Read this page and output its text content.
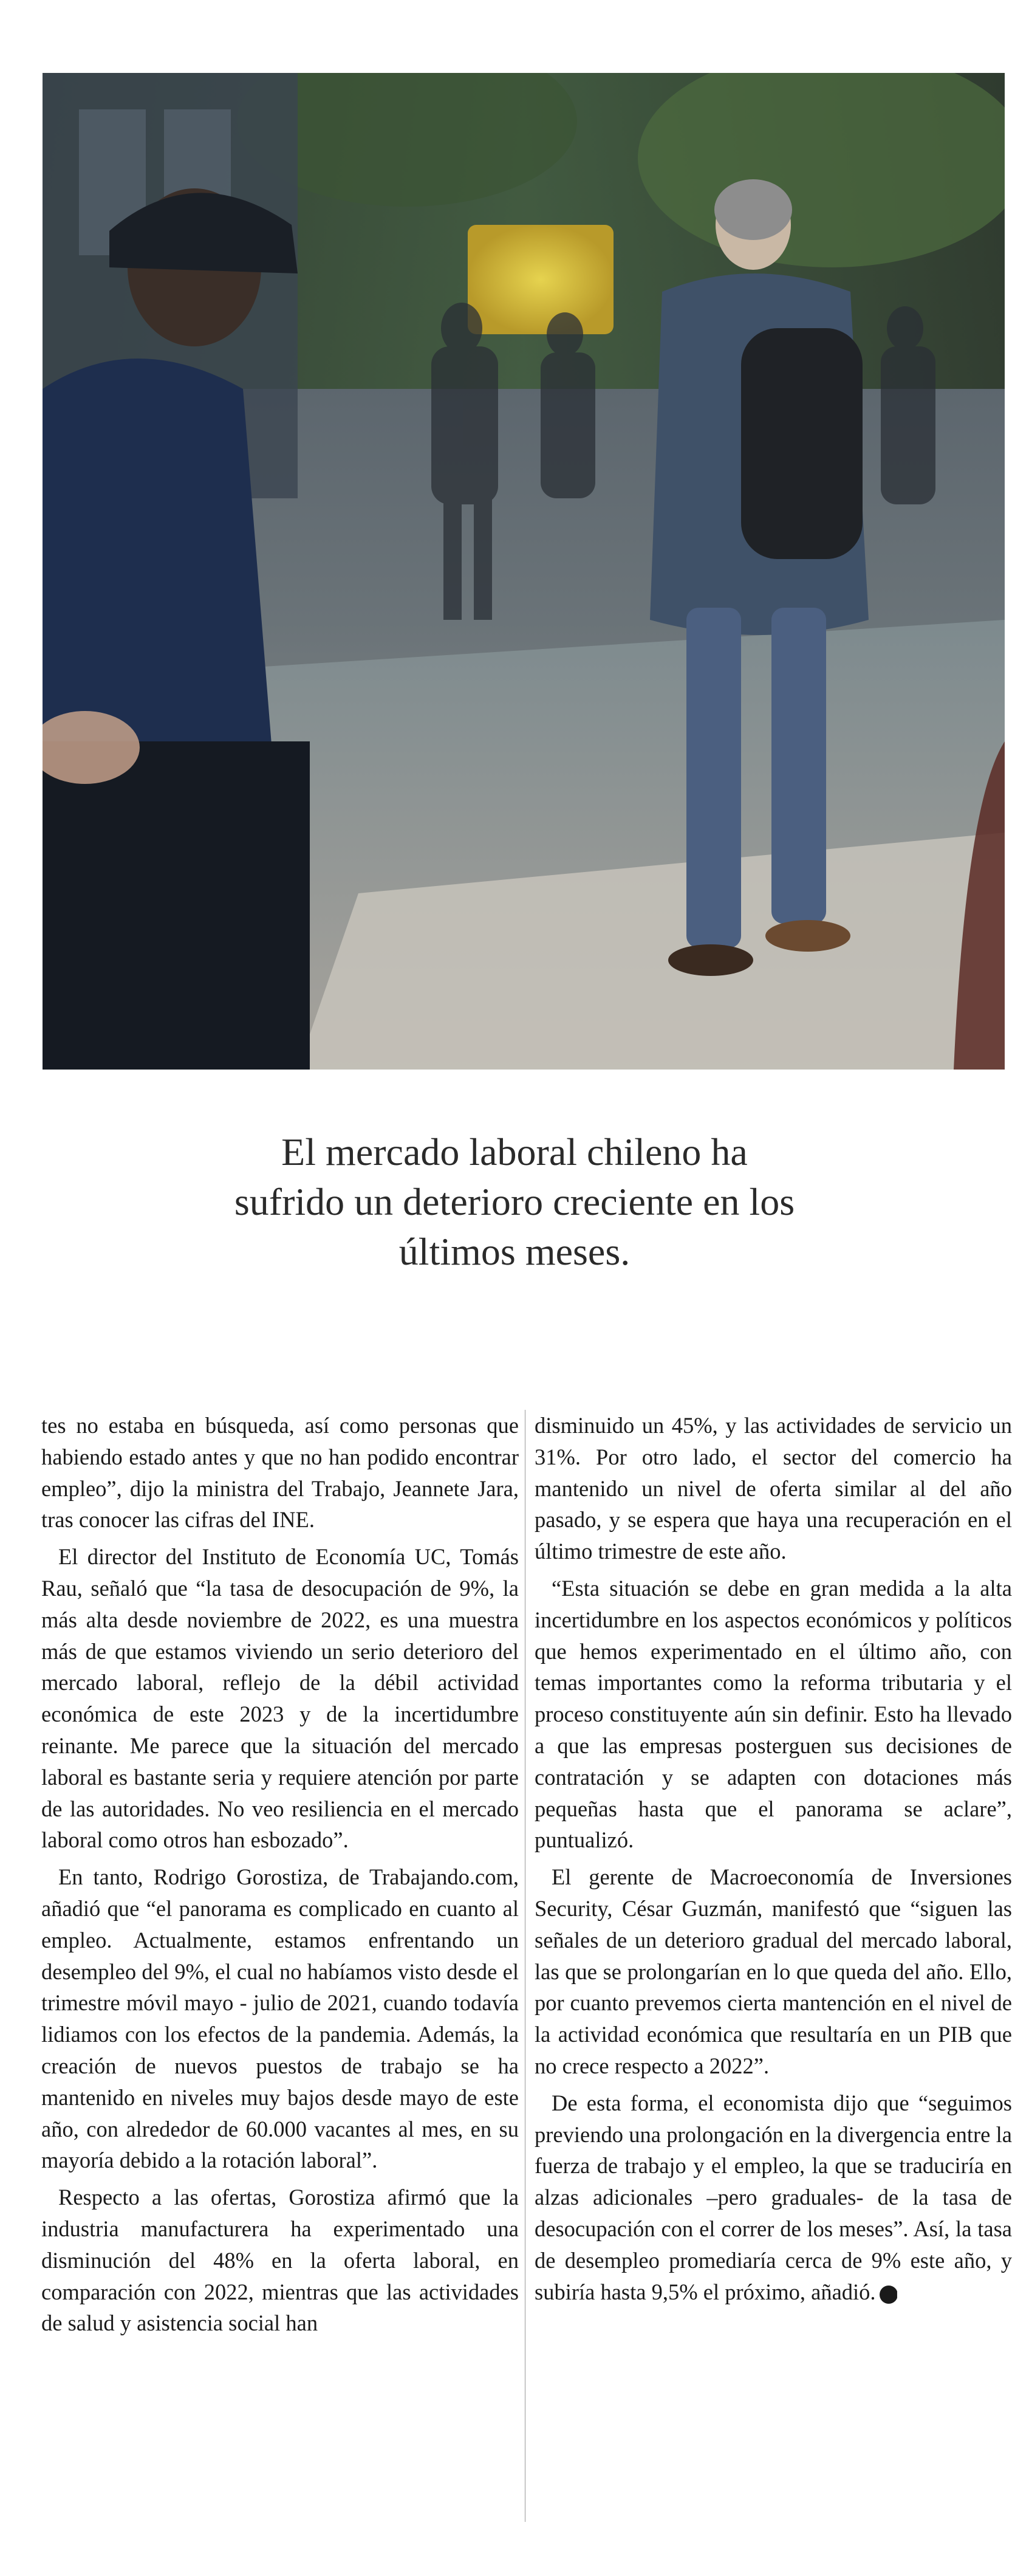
El mercado laboral chileno ha
sufrido un deterioro creciente en los
últimos meses.

tes no estaba en búsqueda, así como personas que habiendo estado antes y que no han podido encontrar empleo”, dijo la ministra del Trabajo, Jeannete Jara, tras conocer las cifras del INE.

El director del Instituto de Economía UC, Tomás Rau, señaló que “la tasa de desocupación de 9%, la más alta desde noviembre de 2022, es una muestra más de que estamos viviendo un serio deterioro del mercado laboral, reflejo de la débil actividad económica de este 2023 y de la incertidumbre reinante. Me parece que la situación del mercado laboral es bastante seria y requiere atención por parte de las autoridades. No veo resiliencia en el mercado laboral como otros han esbozado”.

En tanto, Rodrigo Gorostiza, de Trabajando.com, añadió que “el panorama es complicado en cuanto al empleo. Actualmente, estamos enfrentando un desempleo del 9%, el cual no habíamos visto desde el trimestre móvil mayo - julio de 2021, cuando todavía lidiamos con los efectos de la pandemia. Además, la creación de nuevos puestos de trabajo se ha mantenido en niveles muy bajos desde mayo de este año, con alrededor de 60.000 vacantes al mes, en su mayoría debido a la rotación laboral”.

Respecto a las ofertas, Gorostiza afirmó que la industria manufacturera ha experimentado una disminución del 48% en la oferta laboral, en comparación con 2022, mientras que las actividades de salud y asistencia social han

disminuido un 45%, y las actividades de servicio un 31%. Por otro lado, el sector del comercio ha mantenido un nivel de oferta similar al del año pasado, y se espera que haya una recuperación en el último trimestre de este año.

“Esta situación se debe en gran medida a la alta incertidumbre en los aspectos económicos y políticos que hemos experimentado en el último año, con temas importantes como la reforma tributaria y el proceso constituyente aún sin definir. Esto ha llevado a que las empresas posterguen sus decisiones de contratación y se adapten con dotaciones más pequeñas hasta que el panorama se aclare”, puntualizó.

El gerente de Macroeconomía de Inversiones Security, César Guzmán, manifestó que “siguen las señales de un deterioro gradual del mercado laboral, las que se prolongarían en lo que queda del año. Ello, por cuanto prevemos cierta mantención en el nivel de la actividad económica que resultaría en un PIB que no crece respecto a 2022”.

De esta forma, el economista dijo que “seguimos previendo una prolongación en la divergencia entre la fuerza de trabajo y el empleo, la que se traduciría en alzas adicionales –pero graduales- de la tasa de desocupación con el correr de los meses”. Así, la tasa de desempleo promediaría cerca de 9% este año, y subiría hasta 9,5% el próximo, añadió. P
